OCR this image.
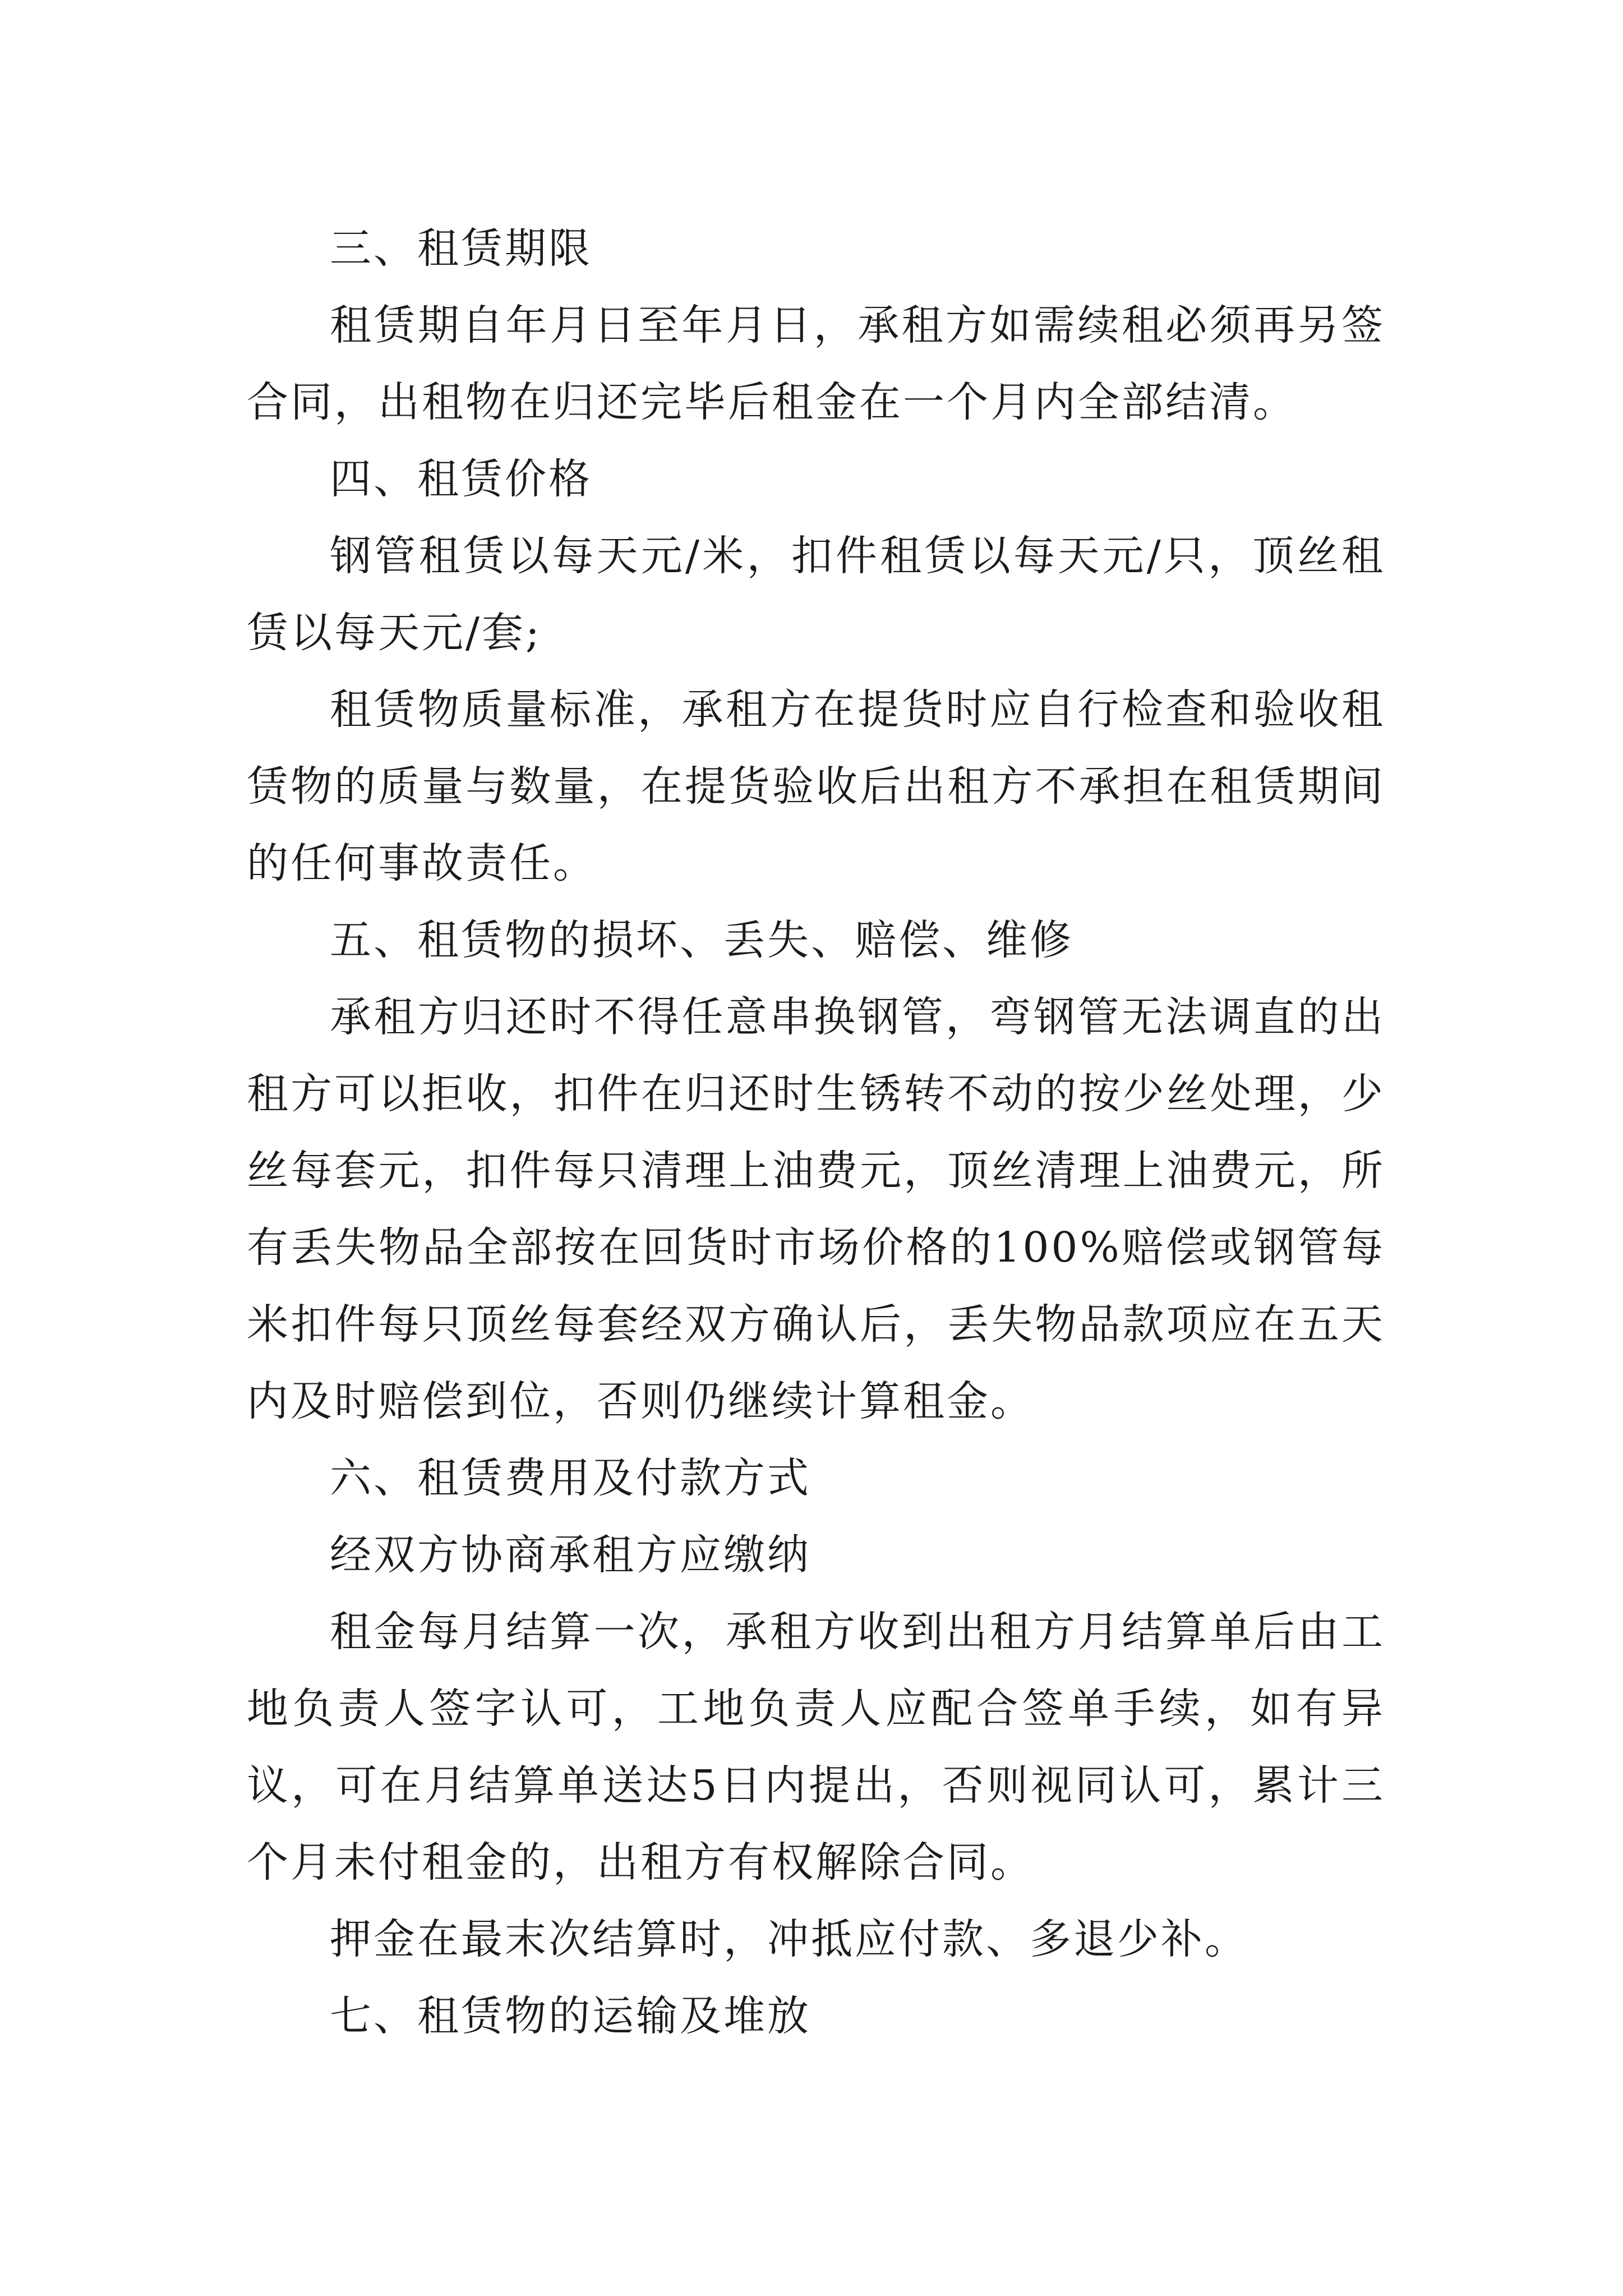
三、租赁期限

租赁期自年月日至年月日，承租方如需续租必须再另签合同，出租物在归还完毕后租金在一个月内全部结清。

四、租赁价格

钢管租赁以每天元/米，扣件租赁以每天元/只，顶丝租赁以每天元/套;

租赁物质量标准，承租方在提货时应自行检查和验收租赁物的质量与数量，在提货验收后出租方不承担在租赁期间的任何事故责任。

五、租赁物的损坏、丢失、赔偿、维修

承租方归还时不得任意串换钢管，弯钢管无法调直的出租方可以拒收，扣件在归还时生锈转不动的按少丝处理，少丝每套元，扣件每只清理上油费元，顶丝清理上油费元，所有丢失物品全部按在回货时市场价格的100%赔偿或钢管每米扣件每只顶丝每套经双方确认后，丢失物品款项应在五天内及时赔偿到位，否则仍继续计算租金。

六、租赁费用及付款方式

经双方协商承租方应缴纳

租金每月结算一次，承租方收到出租方月结算单后由工地负责人签字认可，工地负责人应配合签单手续，如有异议，可在月结算单送达5日内提出，否则视同认可，累计三个月未付租金的，出租方有权解除合同。

押金在最末次结算时，冲抵应付款、多退少补。

七、租赁物的运输及堆放
